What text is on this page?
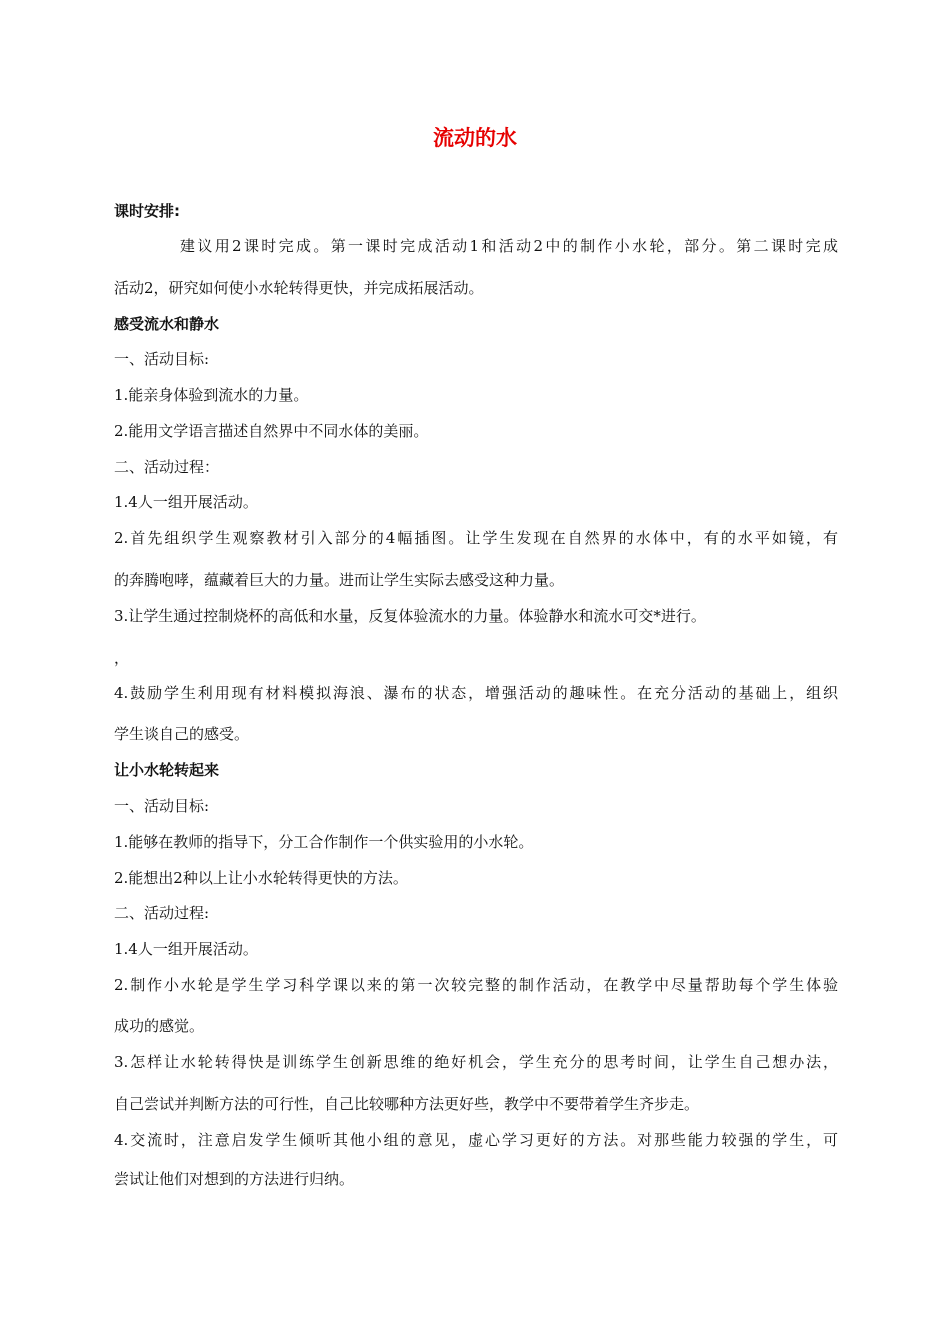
流动的水

课时安排:

建议用2课时完成。第一课时完成活动1和活动2中的制作小水轮，部分。第二课时完成

活动2，研究如何使小水轮转得更快，并完成拓展活动。

感受流水和静水

一、活动目标:

1.能亲身体验到流水的力量。

2.能用文学语言描述自然界中不同水体的美丽。

二、活动过程：

1.4人一组开展活动。

2.首先组织学生观察教材引入部分的4幅插图。让学生发现在自然界的水体中，有的水平如镜，有

的奔腾咆哮，蕴藏着巨大的力量。进而让学生实际去感受这种力量。

3.让学生通过控制烧杯的高低和水量，反复体验流水的力量。体验静水和流水可交*进行。

，

4.鼓励学生利用现有材料模拟海浪、瀑布的状态，增强活动的趣味性。在充分活动的基础上，组织

学生谈自己的感受。

让小水轮转起来

一、活动目标:

1.能够在教师的指导下，分工合作制作一个供实验用的小水轮。

2.能想出2种以上让小水轮转得更快的方法。

二、活动过程:

1.4人一组开展活动。

2.制作小水轮是学生学习科学课以来的第一次较完整的制作活动，在教学中尽量帮助每个学生体验

成功的感觉。

3.怎样让水轮转得快是训练学生创新思维的绝好机会，学生充分的思考时间，让学生自己想办法，

自己尝试并判断方法的可行性，自己比较哪种方法更好些，教学中不要带着学生齐步走。

4.交流时，注意启发学生倾听其他小组的意见，虚心学习更好的方法。对那些能力较强的学生，可

尝试让他们对想到的方法进行归纳。
